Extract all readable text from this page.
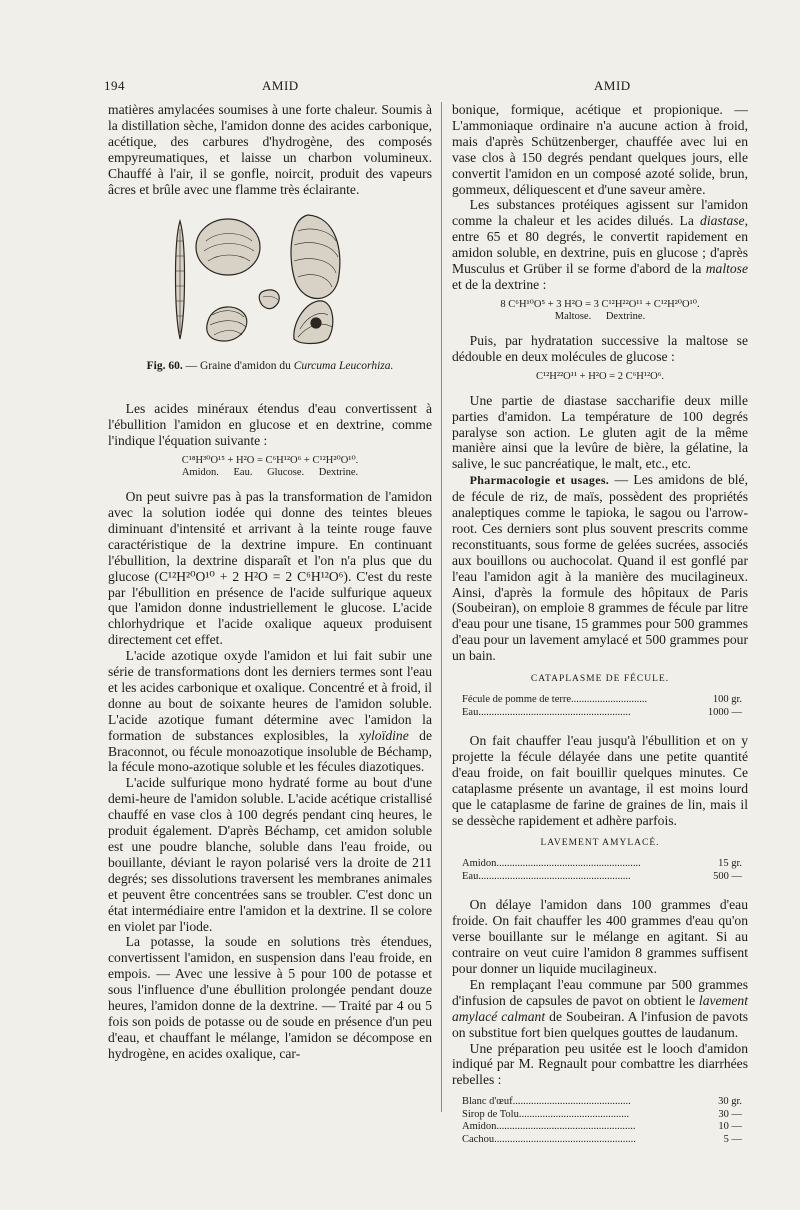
194	AMID	AMID

matières amylacées soumises à une forte chaleur. Soumis à la distillation sèche, l'amidon donne des acides carbonique, acétique, des carbures d'hydrogène, des composés empyreumatiques, et laisse un charbon volumineux. Chauffé à l'air, il se gonfle, noircit, produit des vapeurs âcres et brûle avec une flamme très éclairante.

Fig. 60. — Graine d'amidon du Curcuma Leucorhiza.

Les acides minéraux étendus d'eau convertissent à l'ébullition l'amidon en glucose et en dextrine, comme l'indique l'équation suivante :

C¹⁸H³⁰O¹⁵ + H²O = C⁶H¹²O⁶ + C¹²H²⁰O¹⁰.
Amidon. Eau. Glucose. Dextrine.

On peut suivre pas à pas la transformation de l'amidon avec la solution iodée qui donne des teintes bleues diminuant d'intensité et arrivant à la teinte rouge fauve caractéristique de la dextrine impure. En continuant l'ébullition, la dextrine disparaît et l'on n'a plus que du glucose (C¹²H²⁰O¹⁰ + 2 H²O = 2 C⁶H¹²O⁶). C'est du reste par l'ébullition en présence de l'acide sulfurique aqueux que l'amidon donne industriellement le glucose. L'acide chlorhydrique et l'acide oxalique aqueux produisent directement cet effet.

L'acide azotique oxyde l'amidon et lui fait subir une série de transformations dont les derniers termes sont l'eau et les acides carbonique et oxalique. Concentré et à froid, il donne au bout de soixante heures de l'amidon soluble. L'acide azotique fumant détermine avec l'amidon la formation de substances explosibles, la xyloïdine de Braconnot, ou fécule monoazotique insoluble de Béchamp, la fécule mono-azotique soluble et les fécules diazotiques.

L'acide sulfurique mono hydraté forme au bout d'une demi-heure de l'amidon soluble. L'acide acétique cristallisé chauffé en vase clos à 100 degrés pendant cinq heures, le produit également. D'après Béchamp, cet amidon soluble est une poudre blanche, soluble dans l'eau froide, ou bouillante, déviant le rayon polarisé vers la droite de 211 degrés; ses dissolutions traversent les membranes animales et peuvent être concentrées sans se troubler. C'est donc un état intermédiaire entre l'amidon et la dextrine. Il se colore en violet par l'iode.

La potasse, la soude en solutions très étendues, convertissent l'amidon, en suspension dans l'eau froide, en empois. — Avec une lessive à 5 pour 100 de potasse et sous l'influence d'une ébullition prolongée pendant douze heures, l'amidon donne de la dextrine. — Traité par 4 ou 5 fois son poids de potasse ou de soude en présence d'un peu d'eau, et chauffant le mélange, l'amidon se décompose en hydrogène, en acides oxalique, car-

bonique, formique, acétique et propionique. — L'ammoniaque ordinaire n'a aucune action à froid, mais d'après Schützenberger, chauffée avec lui en vase clos à 150 degrés pendant quelques jours, elle convertit l'amidon en un composé azoté solide, brun, gommeux, déliquescent et d'une saveur amère.

Les substances protéiques agissent sur l'amidon comme la chaleur et les acides dilués. La diastase, entre 65 et 80 degrés, le convertit rapidement en amidon soluble, en dextrine, puis en glucose ; d'après Musculus et Grüber il se forme d'abord de la maltose et de la dextrine :

8 C⁶H¹⁰O⁵ + 3 H²O = 3 C¹²H²²O¹¹ + C¹²H²⁰O¹⁰.
Maltose. Dextrine.

Puis, par hydratation successive la maltose se dédouble en deux molécules de glucose :

C¹²H²²O¹¹ + H²O = 2 C⁶H¹²O⁶.

Une partie de diastase saccharifie deux mille parties d'amidon. La température de 100 degrés paralyse son action. Le gluten agit de la même manière ainsi que la levûre de bière, la gélatine, la salive, le suc pancréatique, le malt, etc., etc.

Pharmacologie et usages. — Les amidons de blé, de fécule de riz, de maïs, possèdent des propriétés analeptiques comme le tapioka, le sagou ou l'arrow-root. Ces derniers sont plus souvent prescrits comme reconstituants, sous forme de gelées sucrées, associés aux bouillons ou auchocolat. Quand il est gonflé par l'eau l'amidon agit à la manière des mucilagineux. Ainsi, d'après la formule des hôpitaux de Paris (Soubeiran), on emploie 8 grammes de fécule par litre d'eau pour une tisane, 15 grammes pour 500 grammes d'eau pour un lavement amylacé et 500 grammes pour un bain.

CATAPLASME DE FÉCULE.
Fécule de pomme de terre.............................	100 gr.
Eau..........................................................	1000 —

On fait chauffer l'eau jusqu'à l'ébullition et on y projette la fécule délayée dans une petite quantité d'eau froide, on fait bouillir quelques minutes. Ce cataplasme présente un avantage, il est moins lourd que le cataplasme de farine de graines de lin, mais il se dessèche rapidement et adhère parfois.

LAVEMENT AMYLACÉ.
Amidon.......................................................	15 gr.
Eau..........................................................	500 —

On délaye l'amidon dans 100 grammes d'eau froide. On fait chauffer les 400 grammes d'eau qu'on verse bouillante sur le mélange en agitant. Si au contraire on veut cuire l'amidon 8 grammes suffisent pour donner un liquide mucilagineux.

En remplaçant l'eau commune par 500 grammes d'infusion de capsules de pavot on obtient le lavement amylacé calmant de Soubeiran. A l'infusion de pavots on substitue fort bien quelques gouttes de laudanum.

Une préparation peu usitée est le looch d'amidon indiqué par M. Regnault pour combattre les diarrhées rebelles :

Blanc d'œuf.............................................	30 gr.
Sirop de Tolu..........................................	30 —
Amidon.....................................................	10 —
Cachou......................................................	5 —
